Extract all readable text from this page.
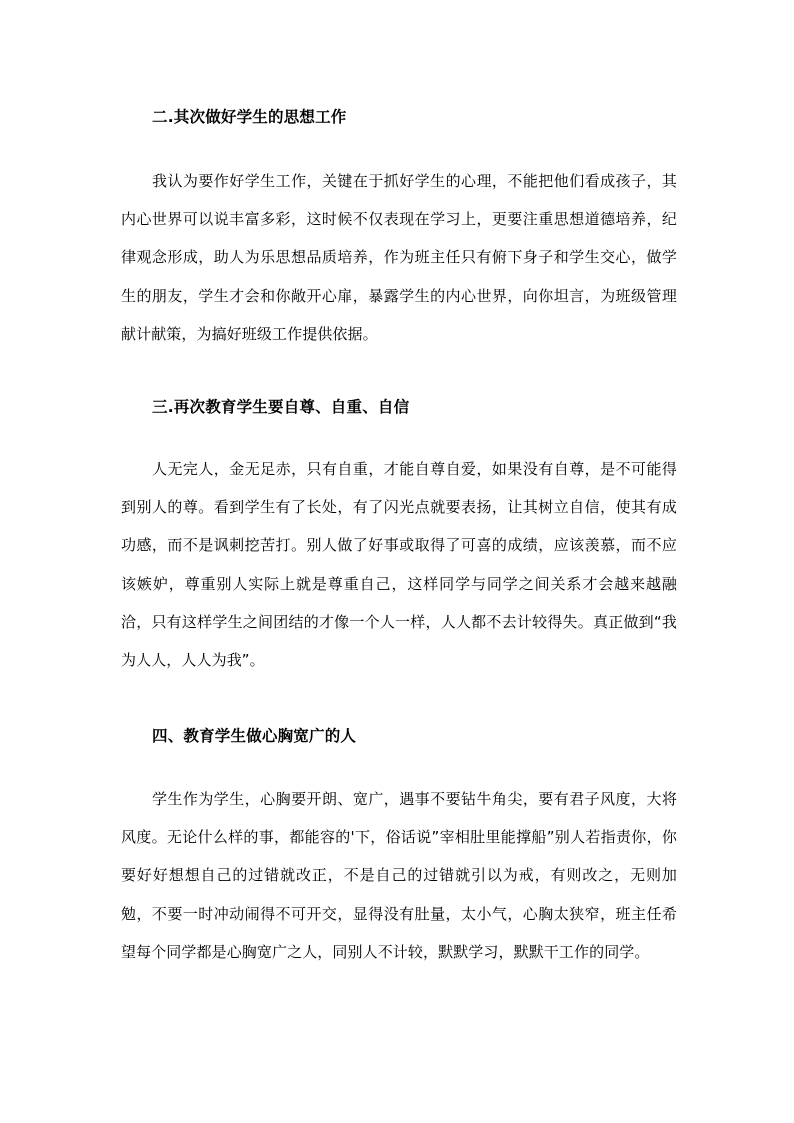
二.其次做好学生的思想工作
我认为要作好学生工作，关键在于抓好学生的心理，不能把他们看成孩子，其内心世界可以说丰富多彩，这时候不仅表现在学习上，更要注重思想道德培养，纪律观念形成，助人为乐思想品质培养，作为班主任只有俯下身子和学生交心，做学生的朋友，学生才会和你敞开心扉，暴露学生的内心世界，向你坦言，为班级管理献计献策，为搞好班级工作提供依据。
三.再次教育学生要自尊、自重、自信
人无完人，金无足赤，只有自重，才能自尊自爱，如果没有自尊，是不可能得到别人的尊。看到学生有了长处，有了闪光点就要表扬，让其树立自信，使其有成功感，而不是讽刺挖苦打。别人做了好事或取得了可喜的成绩，应该羡慕，而不应该嫉妒，尊重别人实际上就是尊重自己，这样同学与同学之间关系才会越来越融洽，只有这样学生之间团结的才像一个人一样，人人都不去计较得失。真正做到“我为人人，人人为我”。
四、教育学生做心胸宽广的人
学生作为学生，心胸要开朗、宽广，遇事不要钻牛角尖，要有君子风度，大将风度。无论什么样的事，都能容的'下，俗话说”宰相肚里能撑船”别人若指责你，你要好好想想自己的过错就改正，不是自己的过错就引以为戒，有则改之，无则加勉，不要一时冲动闹得不可开交，显得没有肚量，太小气，心胸太狭窄，班主任希望每个同学都是心胸宽广之人，同别人不计较，默默学习，默默干工作的同学。
